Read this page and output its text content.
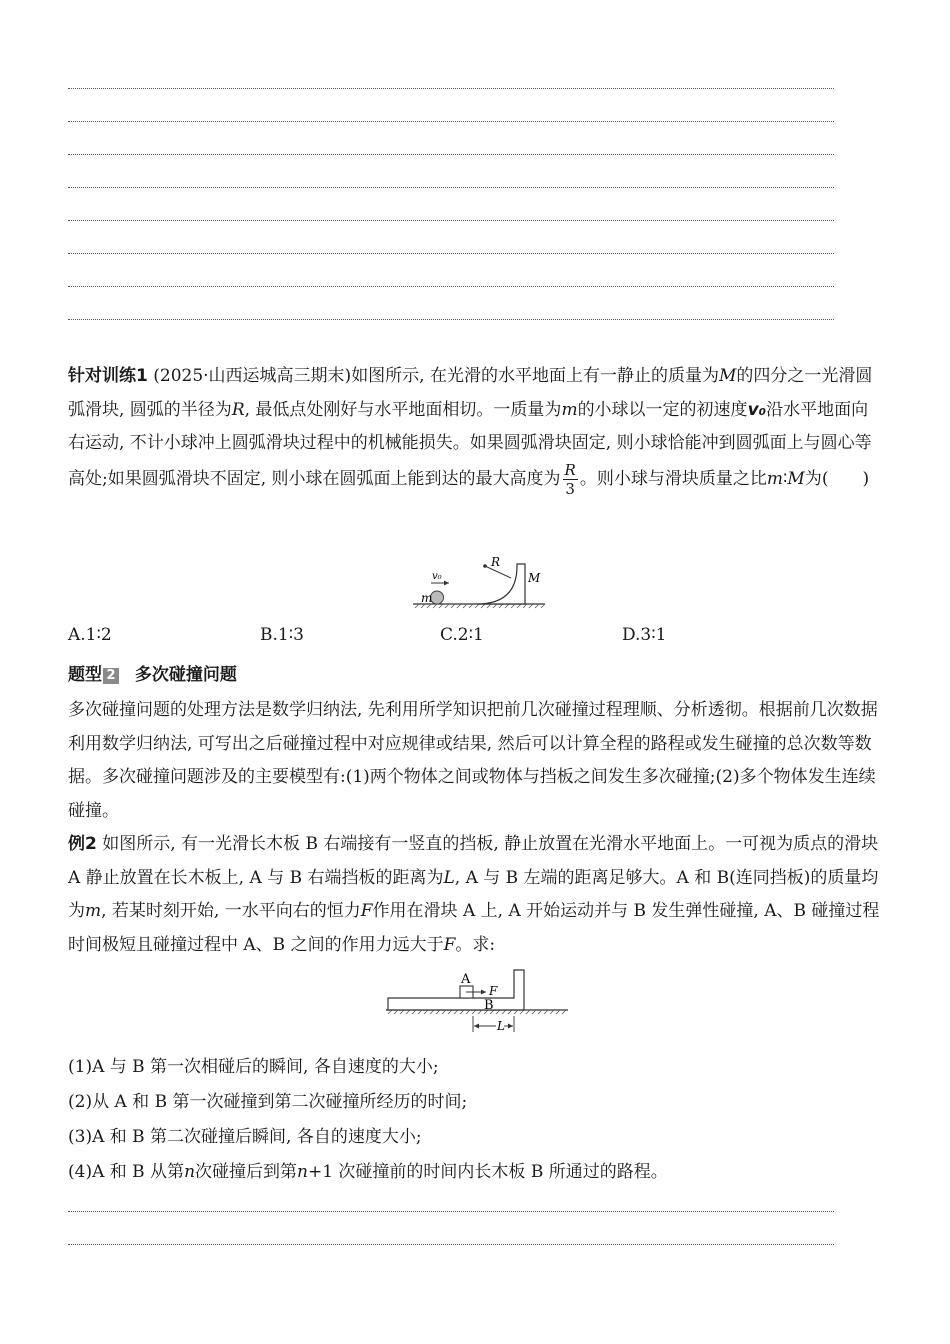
针对训练1 (2025·山西运城高三期末)如图所示, 在光滑的水平地面上有一静止的质量为M的四分之一光滑圆弧滑块, 圆弧的半径为R, 最低点处刚好与水平地面相切。一质量为m的小球以一定的初速度v₀沿水平地面向右运动, 不计小球冲上圆弧滑块过程中的机械能损失。如果圆弧滑块固定, 则小球恰能冲到圆弧面上与圆心等高处;如果圆弧滑块不固定, 则小球在圆弧面上能到达的最大高度为 $\frac{R}{3}$ 。则小球与滑块质量之比m∶M为(　　)

R
M
m
v₀
A.1∶2	B.1∶3	C.2∶1	D.3∶1
题型 2 多次碰撞问题

多次碰撞问题的处理方法是数学归纳法, 先利用所学知识把前几次碰撞过程理顺、分析透彻。根据前几次数据利用数学归纳法, 可写出之后碰撞过程中对应规律或结果, 然后可以计算全程的路程或发生碰撞的总次数等数据。多次碰撞问题涉及的主要模型有:(1)两个物体之间或物体与挡板之间发生多次碰撞;(2)多个物体发生连续碰撞。

例2 如图所示, 有一光滑长木板 B 右端接有一竖直的挡板, 静止放置在光滑水平地面上。一可视为质点的滑块 A 静止放置在长木板上, A 与 B 右端挡板的距离为L, A 与 B 左端的距离足够大。A 和 B(连同挡板)的质量均为m, 若某时刻开始, 一水平向右的恒力F作用在滑块 A 上, A 开始运动并与 B 发生弹性碰撞, A、B 碰撞过程时间极短且碰撞过程中 A、B 之间的作用力远大于F。求:

B
A
F
L
(1)A 与 B 第一次相碰后的瞬间, 各自速度的大小;
(2)从 A 和 B 第一次碰撞到第二次碰撞所经历的时间;
(3)A 和 B 第二次碰撞后瞬间, 各自的速度大小;
(4)A 和 B 从第n次碰撞后到第n+1 次碰撞前的时间内长木板 B 所通过的路程。
